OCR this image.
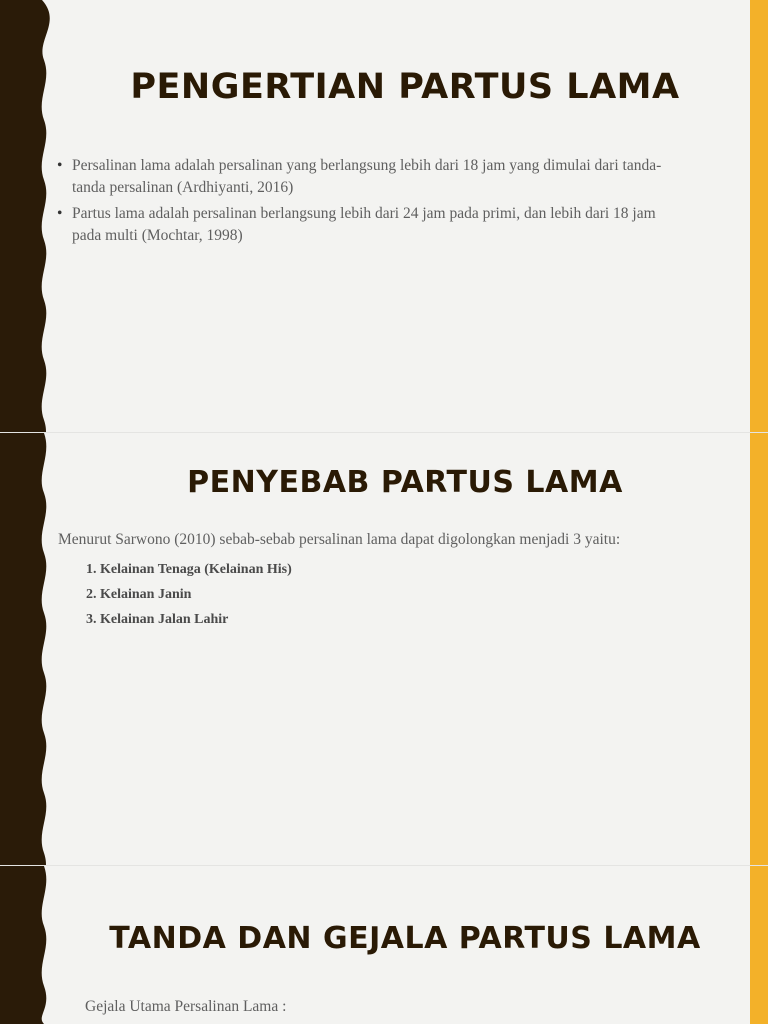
PENGERTIAN PARTUS LAMA
• Persalinan lama adalah persalinan yang berlangsung lebih dari 18 jam yang dimulai dari tanda-tanda persalinan (Ardhiyanti, 2016)
• Partus lama adalah persalinan berlangsung lebih dari 24 jam pada primi, dan lebih dari 18 jam pada multi (Mochtar, 1998)
PENYEBAB PARTUS LAMA

Menurut Sarwono (2010) sebab-sebab persalinan lama dapat digolongkan menjadi 3 yaitu:

1. Kelainan Tenaga (Kelainan His)
2. Kelainan Janin
3. Kelainan Jalan Lahir
TANDA DAN GEJALA PARTUS LAMA

Gejala Utama Persalinan Lama :
